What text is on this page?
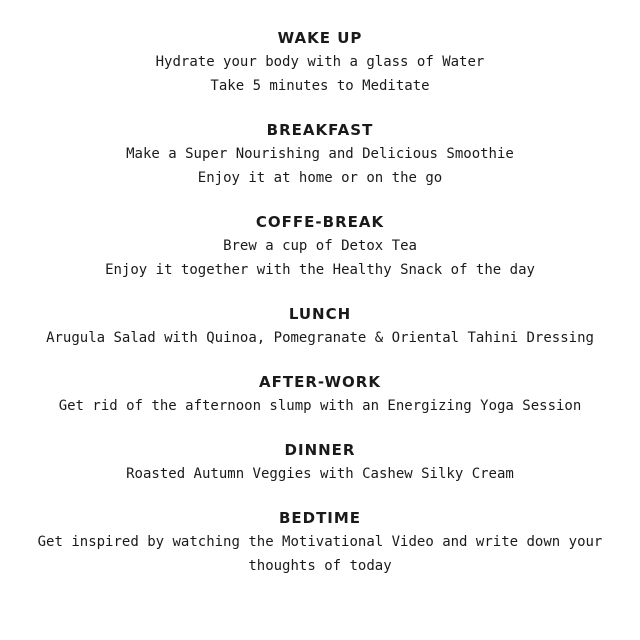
WAKE UP

Hydrate your body with a glass of Water

Take 5 minutes to Meditate

BREAKFAST

Make a Super Nourishing and Delicious Smoothie

Enjoy it at home or on the go

COFFE-BREAK

Brew a cup of Detox Tea

Enjoy it together with the Healthy Snack of the day

LUNCH

Arugula Salad with Quinoa, Pomegranate & Oriental Tahini Dressing

AFTER-WORK

Get rid of the afternoon slump with an Energizing Yoga Session

DINNER

Roasted Autumn Veggies with Cashew Silky Cream

BEDTIME

Get inspired by watching the Motivational Video and write down your

thoughts of today
